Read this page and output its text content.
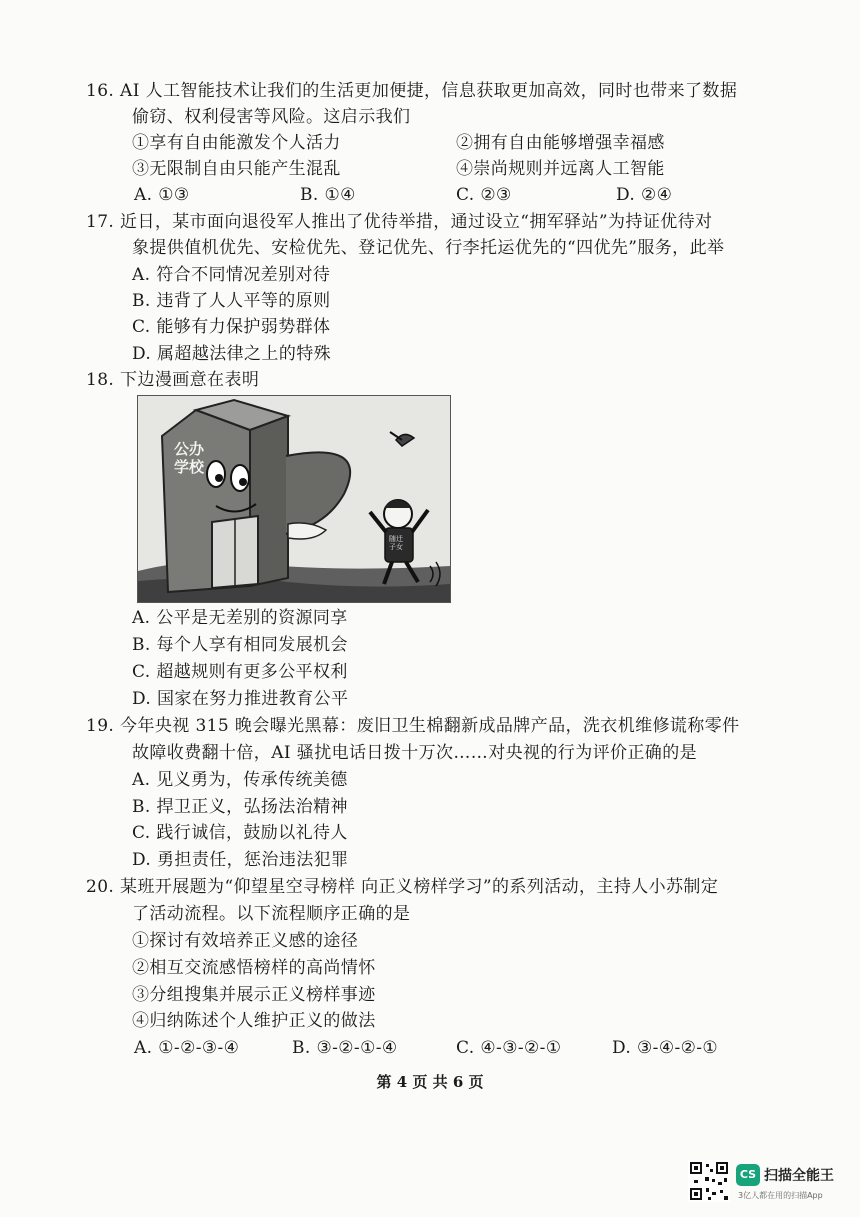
16. AI 人工智能技术让我们的生活更加便捷，信息获取更加高效，同时也带来了数据
偷窃、权利侵害等风险。这启示我们
①享有自由能激发个人活力	②拥有自由能够增强幸福感
③无限制自由只能产生混乱	④崇尚规则并远离人工智能
A. ①③	B. ①④	C. ②③	D. ②④
17. 近日，某市面向退役军人推出了优待举措，通过设立“拥军驿站”为持证优待对
象提供值机优先、安检优先、登记优先、行李托运优先的“四优先”服务，此举
A. 符合不同情况差别对待
B. 违背了人人平等的原则
C. 能够有力保护弱势群体
D. 属超越法律之上的特殊
18. 下边漫画意在表明
公办学校
随迁子女
A. 公平是无差别的资源同享
B. 每个人享有相同发展机会
C. 超越规则有更多公平权利
D. 国家在努力推进教育公平
19. 今年央视 315 晚会曝光黑幕：废旧卫生棉翻新成品牌产品，洗衣机维修谎称零件
故障收费翻十倍，AI 骚扰电话日拨十万次……对央视的行为评价正确的是
A. 见义勇为，传承传统美德
B. 捍卫正义，弘扬法治精神
C. 践行诚信，鼓励以礼待人
D. 勇担责任，惩治违法犯罪
20. 某班开展题为“仰望星空寻榜样 向正义榜样学习”的系列活动，主持人小苏制定
了活动流程。以下流程顺序正确的是
①探讨有效培养正义感的途径
②相互交流感悟榜样的高尚情怀
③分组搜集并展示正义榜样事迹
④归纳陈述个人维护正义的做法
A. ①-②-③-④	B. ③-②-①-④	C. ④-③-②-①	D. ③-④-②-①
第 4 页 共 6 页
CS 扫描全能王
3亿人都在用的扫描App
